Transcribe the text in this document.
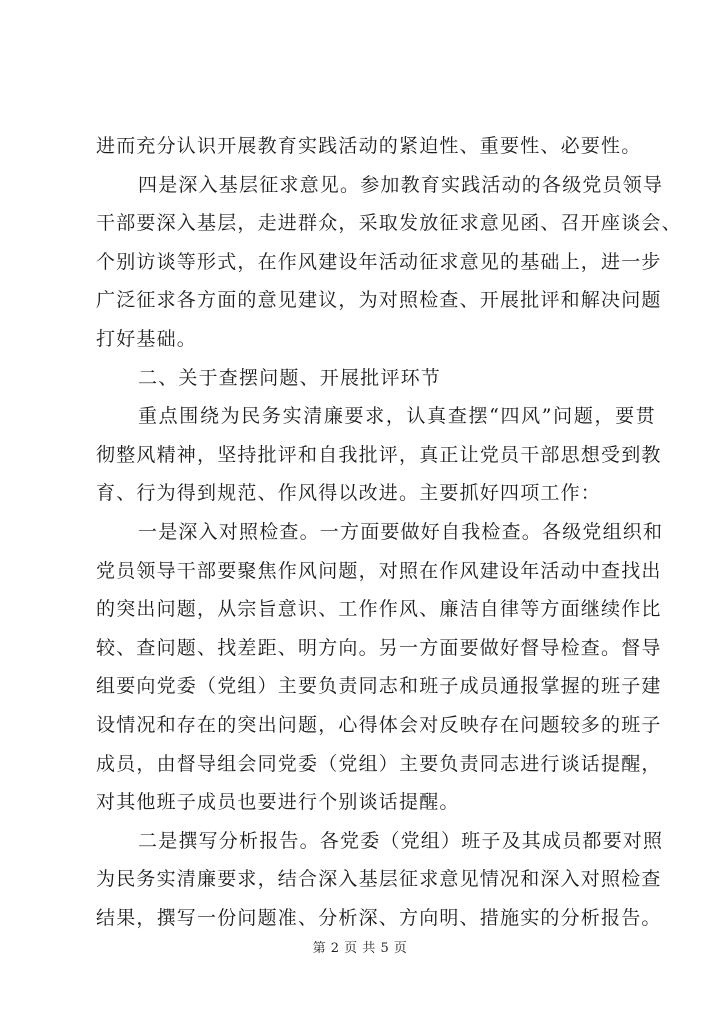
进而充分认识开展教育实践活动的紧迫性、重要性、必要性。
四是深入基层征求意见。参加教育实践活动的各级党员领导
干部要深入基层，走进群众，采取发放征求意见函、召开座谈会、
个别访谈等形式，在作风建设年活动征求意见的基础上，进一步
广泛征求各方面的意见建议，为对照检查、开展批评和解决问题
打好基础。
二、关于查摆问题、开展批评环节
重点围绕为民务实清廉要求，认真查摆“四风”问题，要贯
彻整风精神，坚持批评和自我批评，真正让党员干部思想受到教
育、行为得到规范、作风得以改进。主要抓好四项工作：
一是深入对照检查。一方面要做好自我检查。各级党组织和
党员领导干部要聚焦作风问题，对照在作风建设年活动中查找出
的突出问题，从宗旨意识、工作作风、廉洁自律等方面继续作比
较、查问题、找差距、明方向。另一方面要做好督导检查。督导
组要向党委（党组）主要负责同志和班子成员通报掌握的班子建
设情况和存在的突出问题，心得体会对反映存在问题较多的班子
成员，由督导组会同党委（党组）主要负责同志进行谈话提醒，
对其他班子成员也要进行个别谈话提醒。
二是撰写分析报告。各党委（党组）班子及其成员都要对照
为民务实清廉要求，结合深入基层征求意见情况和深入对照检查
结果，撰写一份问题准、分析深、方向明、措施实的分析报告。
第 2 页 共 5 页
